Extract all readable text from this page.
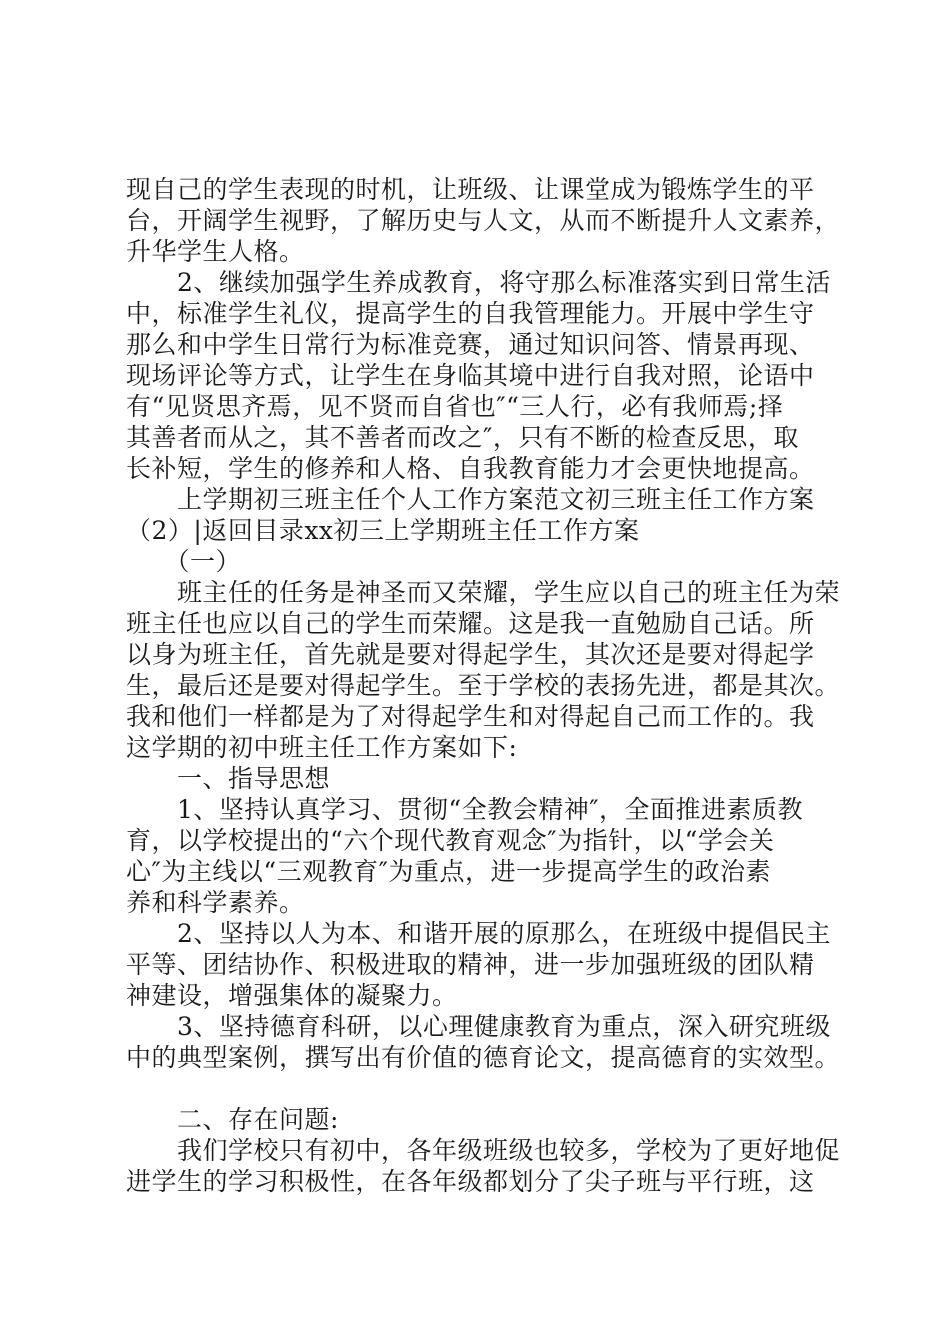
现自己的学生表现的时机，让班级、让课堂成为锻炼学生的平
台，开阔学生视野，了解历史与人文，从而不断提升人文素养，
升华学生人格。
　　2、继续加强学生养成教育，将守那么标准落实到日常生活
中，标准学生礼仪，提高学生的自我管理能力。开展中学生守
那么和中学生日常行为标准竞赛，通过知识问答、情景再现、
现场评论等方式，让学生在身临其境中进行自我对照，论语中
有“见贤思齐焉，见不贤而自省也″“三人行，必有我师焉;择
其善者而从之，其不善者而改之″，只有不断的检查反思，取
长补短，学生的修养和人格、自我教育能力才会更快地提高。
　　上学期初三班主任个人工作方案范文初三班主任工作方案
（2）|返回目录xx初三上学期班主任工作方案
　　（一）
　　班主任的任务是神圣而又荣耀，学生应以自己的班主任为荣
班主任也应以自己的学生而荣耀。这是我一直勉励自己话。所
以身为班主任，首先就是要对得起学生，其次还是要对得起学
生，最后还是要对得起学生。至于学校的表扬先进，都是其次。
我和他们一样都是为了对得起学生和对得起自己而工作的。我
这学期的初中班主任工作方案如下:
　　一、指导思想
　　1、坚持认真学习、贯彻“全教会精神″，全面推进素质教
育，以学校提出的“六个现代教育观念″为指针，以“学会关
心″为主线以“三观教育″为重点，进一步提高学生的政治素
养和科学素养。
　　2、坚持以人为本、和谐开展的原那么，在班级中提倡民主
平等、团结协作、积极进取的精神，进一步加强班级的团队精
神建设，增强集体的凝聚力。
　　3、坚持德育科研，以心理健康教育为重点，深入研究班级
中的典型案例，撰写出有价值的德育论文，提高德育的实效型。
　　二、存在问题:
　　我们学校只有初中，各年级班级也较多，学校为了更好地促
进学生的学习积极性，在各年级都划分了尖子班与平行班，这
